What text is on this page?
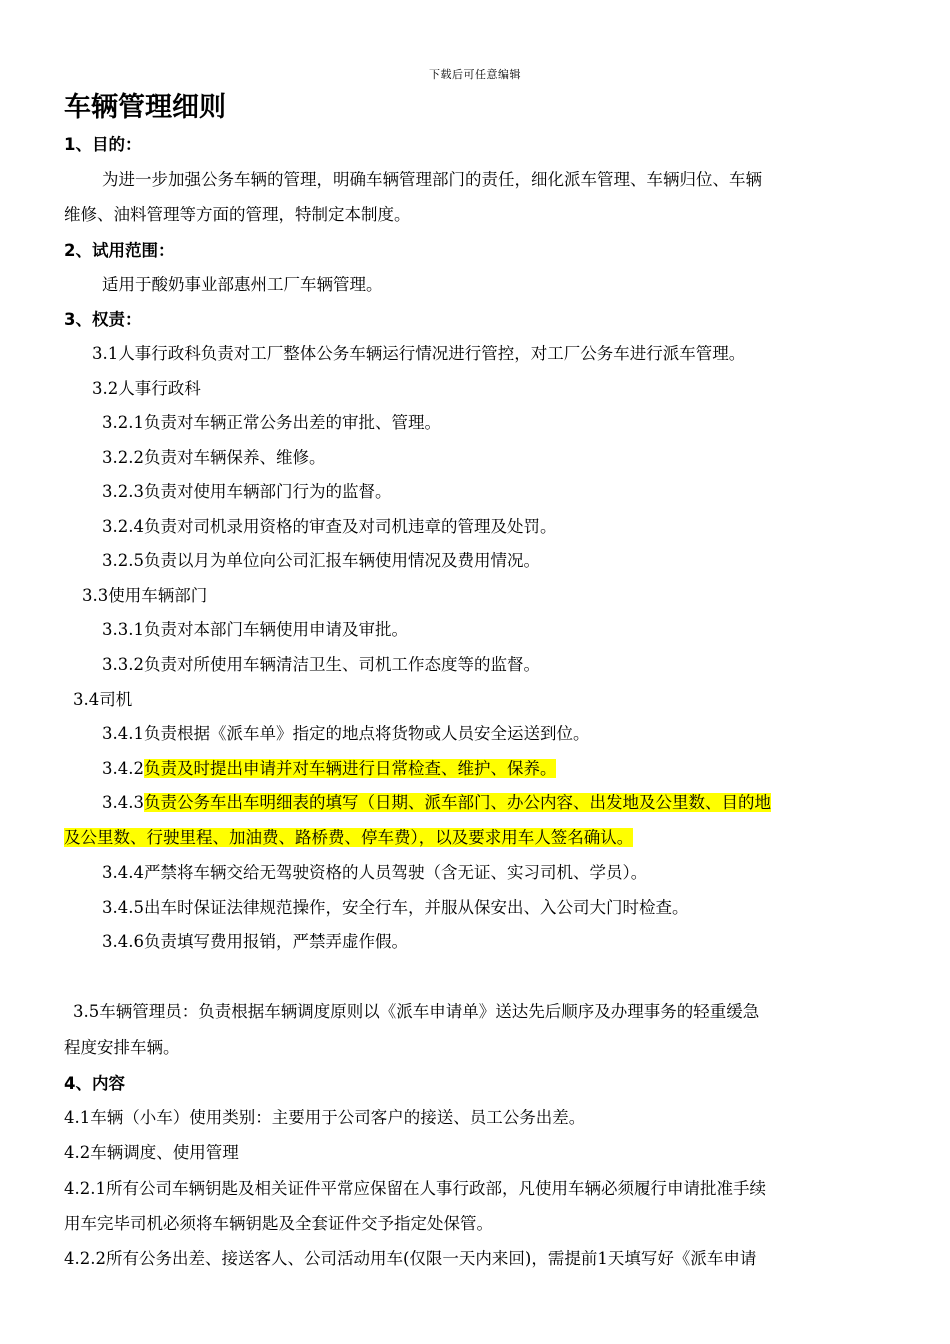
下载后可任意编辑
车辆管理细则
1、目的：
为进一步加强公务车辆的管理，明确车辆管理部门的责任，细化派车管理、车辆归位、车辆
维修、油料管理等方面的管理，特制定本制度。
2、试用范围：
适用于酸奶事业部惠州工厂车辆管理。
3、权责：
3.1人事行政科负责对工厂整体公务车辆运行情况进行管控，对工厂公务车进行派车管理。
3.2人事行政科
3.2.1负责对车辆正常公务出差的审批、管理。
3.2.2负责对车辆保养、维修。
3.2.3负责对使用车辆部门行为的监督。
3.2.4负责对司机录用资格的审查及对司机违章的管理及处罚。
3.2.5负责以月为单位向公司汇报车辆使用情况及费用情况。
3.3使用车辆部门
3.3.1负责对本部门车辆使用申请及审批。
3.3.2负责对所使用车辆清洁卫生、司机工作态度等的监督。
3.4司机
3.4.1负责根据《派车单》指定的地点将货物或人员安全运送到位。
3.4.2负责及时提出申请并对车辆进行日常检查、维护、保养。
3.4.3负责公务车出车明细表的填写（日期、派车部门、办公内容、出发地及公里数、目的地
及公里数、行驶里程、加油费、路桥费、停车费），以及要求用车人签名确认。
3.4.4严禁将车辆交给无驾驶资格的人员驾驶（含无证、实习司机、学员）。
3.4.5出车时保证法律规范操作，安全行车，并服从保安出、入公司大门时检查。
3.4.6负责填写费用报销，严禁弄虚作假。
3.5车辆管理员：负责根据车辆调度原则以《派车申请单》送达先后顺序及办理事务的轻重缓急
程度安排车辆。
4、内容
4.1车辆（小车）使用类别：主要用于公司客户的接送、员工公务出差。
4.2车辆调度、使用管理
4.2.1所有公司车辆钥匙及相关证件平常应保留在人事行政部，凡使用车辆必须履行申请批准手续
用车完毕司机必须将车辆钥匙及全套证件交予指定处保管。
4.2.2所有公务出差、接送客人、公司活动用车(仅限一天内来回)，需提前1天填写好《派车申请
